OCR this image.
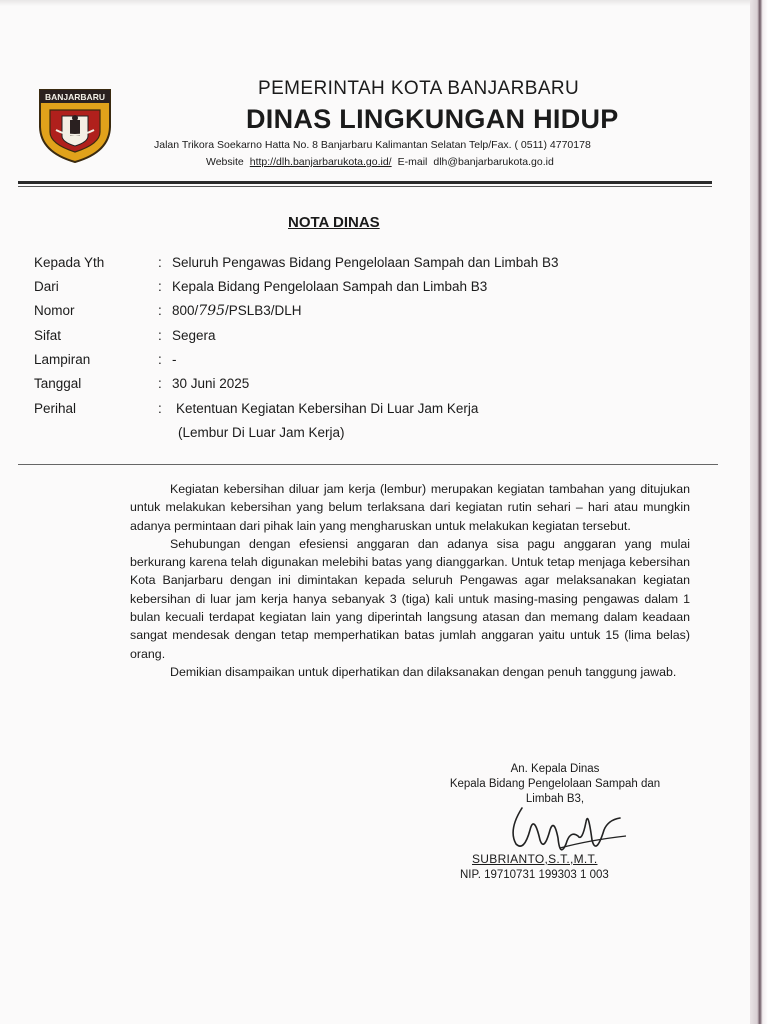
BANJARBARU	PEMERINTAH KOTA BANJARBARU
DINAS LINGKUNGAN HIDUP
Jalan Trikora Soekarno Hatta No. 8 Banjarbaru Kalimantan Selatan Telp/Fax. ( 0511) 4770178
Website http://dlh.banjarbarukota.go.id/ E-mail dlh@banjarbarukota.go.id
NOTA DINAS
Kepada Yth	: Seluruh Pengawas Bidang Pengelolaan Sampah dan Limbah B3
Dari	: Kepala Bidang Pengelolaan Sampah dan Limbah B3
Nomor	: 800/795/PSLB3/DLH
Sifat	: Segera
Lampiran	: -
Tanggal	: 30 Juni 2025
Perihal	: Ketentuan Kegiatan Kebersihan Di Luar Jam Kerja
(Lembur Di Luar Jam Kerja)

Kegiatan kebersihan diluar jam kerja (lembur) merupakan kegiatan tambahan yang ditujukan untuk melakukan kebersihan yang belum terlaksana dari kegiatan rutin sehari – hari atau mungkin adanya permintaan dari pihak lain yang mengharuskan untuk melakukan kegiatan tersebut.

Sehubungan dengan efesiensi anggaran dan adanya sisa pagu anggaran yang mulai berkurang karena telah digunakan melebihi batas yang dianggarkan. Untuk tetap menjaga kebersihan Kota Banjarbaru dengan ini dimintakan kepada seluruh Pengawas agar melaksanakan kegiatan kebersihan di luar jam kerja hanya sebanyak 3 (tiga) kali untuk masing-masing pengawas dalam 1 bulan kecuali terdapat kegiatan lain yang diperintah langsung atasan dan memang dalam keadaan sangat mendesak dengan tetap memperhatikan batas jumlah anggaran yaitu untuk 15 (lima belas) orang.

Demikian disampaikan untuk diperhatikan dan dilaksanakan dengan penuh tanggung jawab.

An. Kepala Dinas
Kepala Bidang Pengelolaan Sampah dan
Limbah B3,
SUBRIANTO,S.T.,M.T.
NIP. 19710731 199303 1 003
